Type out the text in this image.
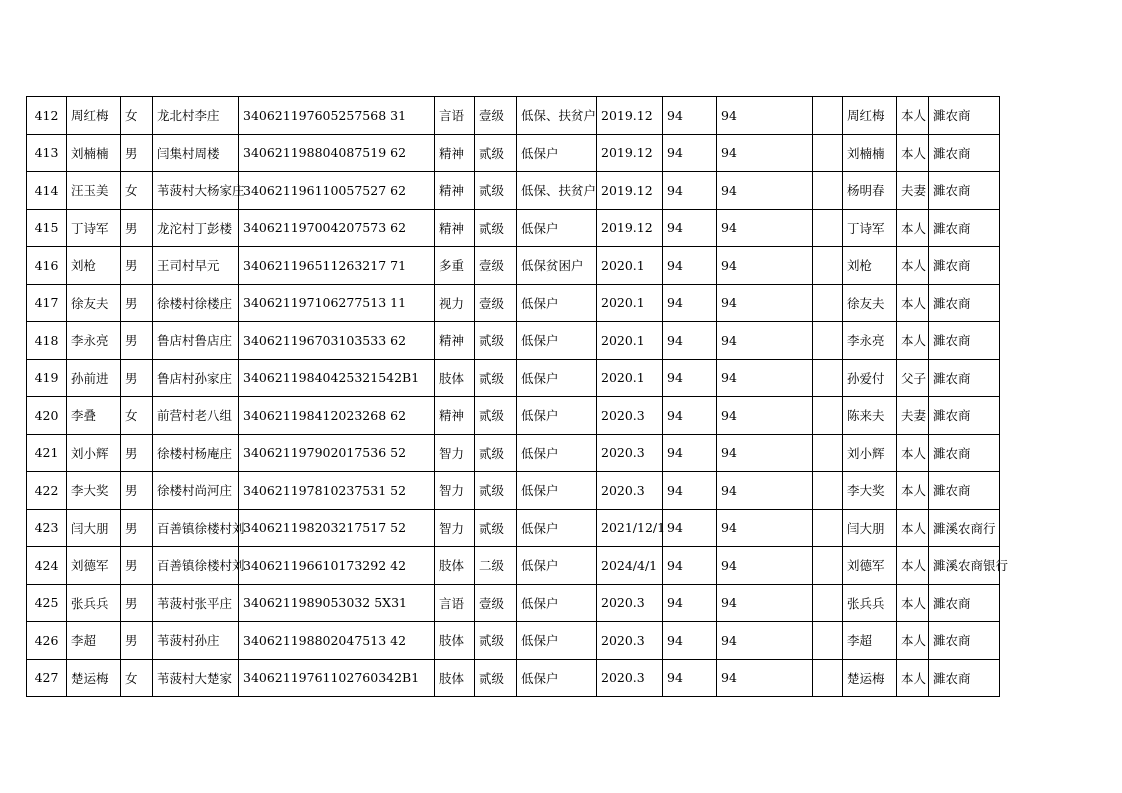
412	周红梅	女	龙北村李庄	340621197605257568 31	言语	壹级	低保、扶贫户	2019.12	94	94		周红梅	本人	濉农商
413	刘楠楠	男	闫集村周楼	340621198804087519 62	精神	贰级	低保户	2019.12	94	94		刘楠楠	本人	濉农商
414	汪玉美	女	苇菠村大杨家庄	340621196110057527 62	精神	贰级	低保、扶贫户	2019.12	94	94		杨明春	夫妻	濉农商
415	丁诗军	男	龙沱村丁彭楼	340621197004207573 62	精神	贰级	低保户	2019.12	94	94		丁诗军	本人	濉农商
416	刘枪	男	王司村早元	340621196511263217 71	多重	壹级	低保贫困户	2020.1	94	94		刘枪	本人	濉农商
417	徐友夫	男	徐楼村徐楼庄	340621197106277513 11	视力	壹级	低保户	2020.1	94	94		徐友夫	本人	濉农商
418	李永亮	男	鲁店村鲁店庄	340621196703103533 62	精神	贰级	低保户	2020.1	94	94		李永亮	本人	濉农商
419	孙前进	男	鲁店村孙家庄	34062119840425321542B1	肢体	贰级	低保户	2020.1	94	94		孙爱付	父子	濉农商
420	李叠	女	前营村老八组	340621198412023268 62	精神	贰级	低保户	2020.3	94	94		陈来夫	夫妻	濉农商
421	刘小辉	男	徐楼村杨庵庄	340621197902017536 52	智力	贰级	低保户	2020.3	94	94		刘小辉	本人	濉农商
422	李大奖	男	徐楼村尚河庄	340621197810237531 52	智力	贰级	低保户	2020.3	94	94		李大奖	本人	濉农商
423	闫大朋	男	百善镇徐楼村刘	340621198203217517 52	智力	贰级	低保户	2021/12/1	94	94		闫大朋	本人	濉溪农商行
424	刘德军	男	百善镇徐楼村刘	340621196610173292 42	肢体	二级	低保户	2024/4/1	94	94		刘德军	本人	濉溪农商银行
425	张兵兵	男	苇菠村张平庄	3406211989053032 5X31	言语	壹级	低保户	2020.3	94	94		张兵兵	本人	濉农商
426	李超	男	苇菠村孙庄	340621198802047513 42	肢体	贰级	低保户	2020.3	94	94		李超	本人	濉农商
427	楚运梅	女	苇菠村大楚家	34062119761102760342B1	肢体	贰级	低保户	2020.3	94	94		楚运梅	本人	濉农商
